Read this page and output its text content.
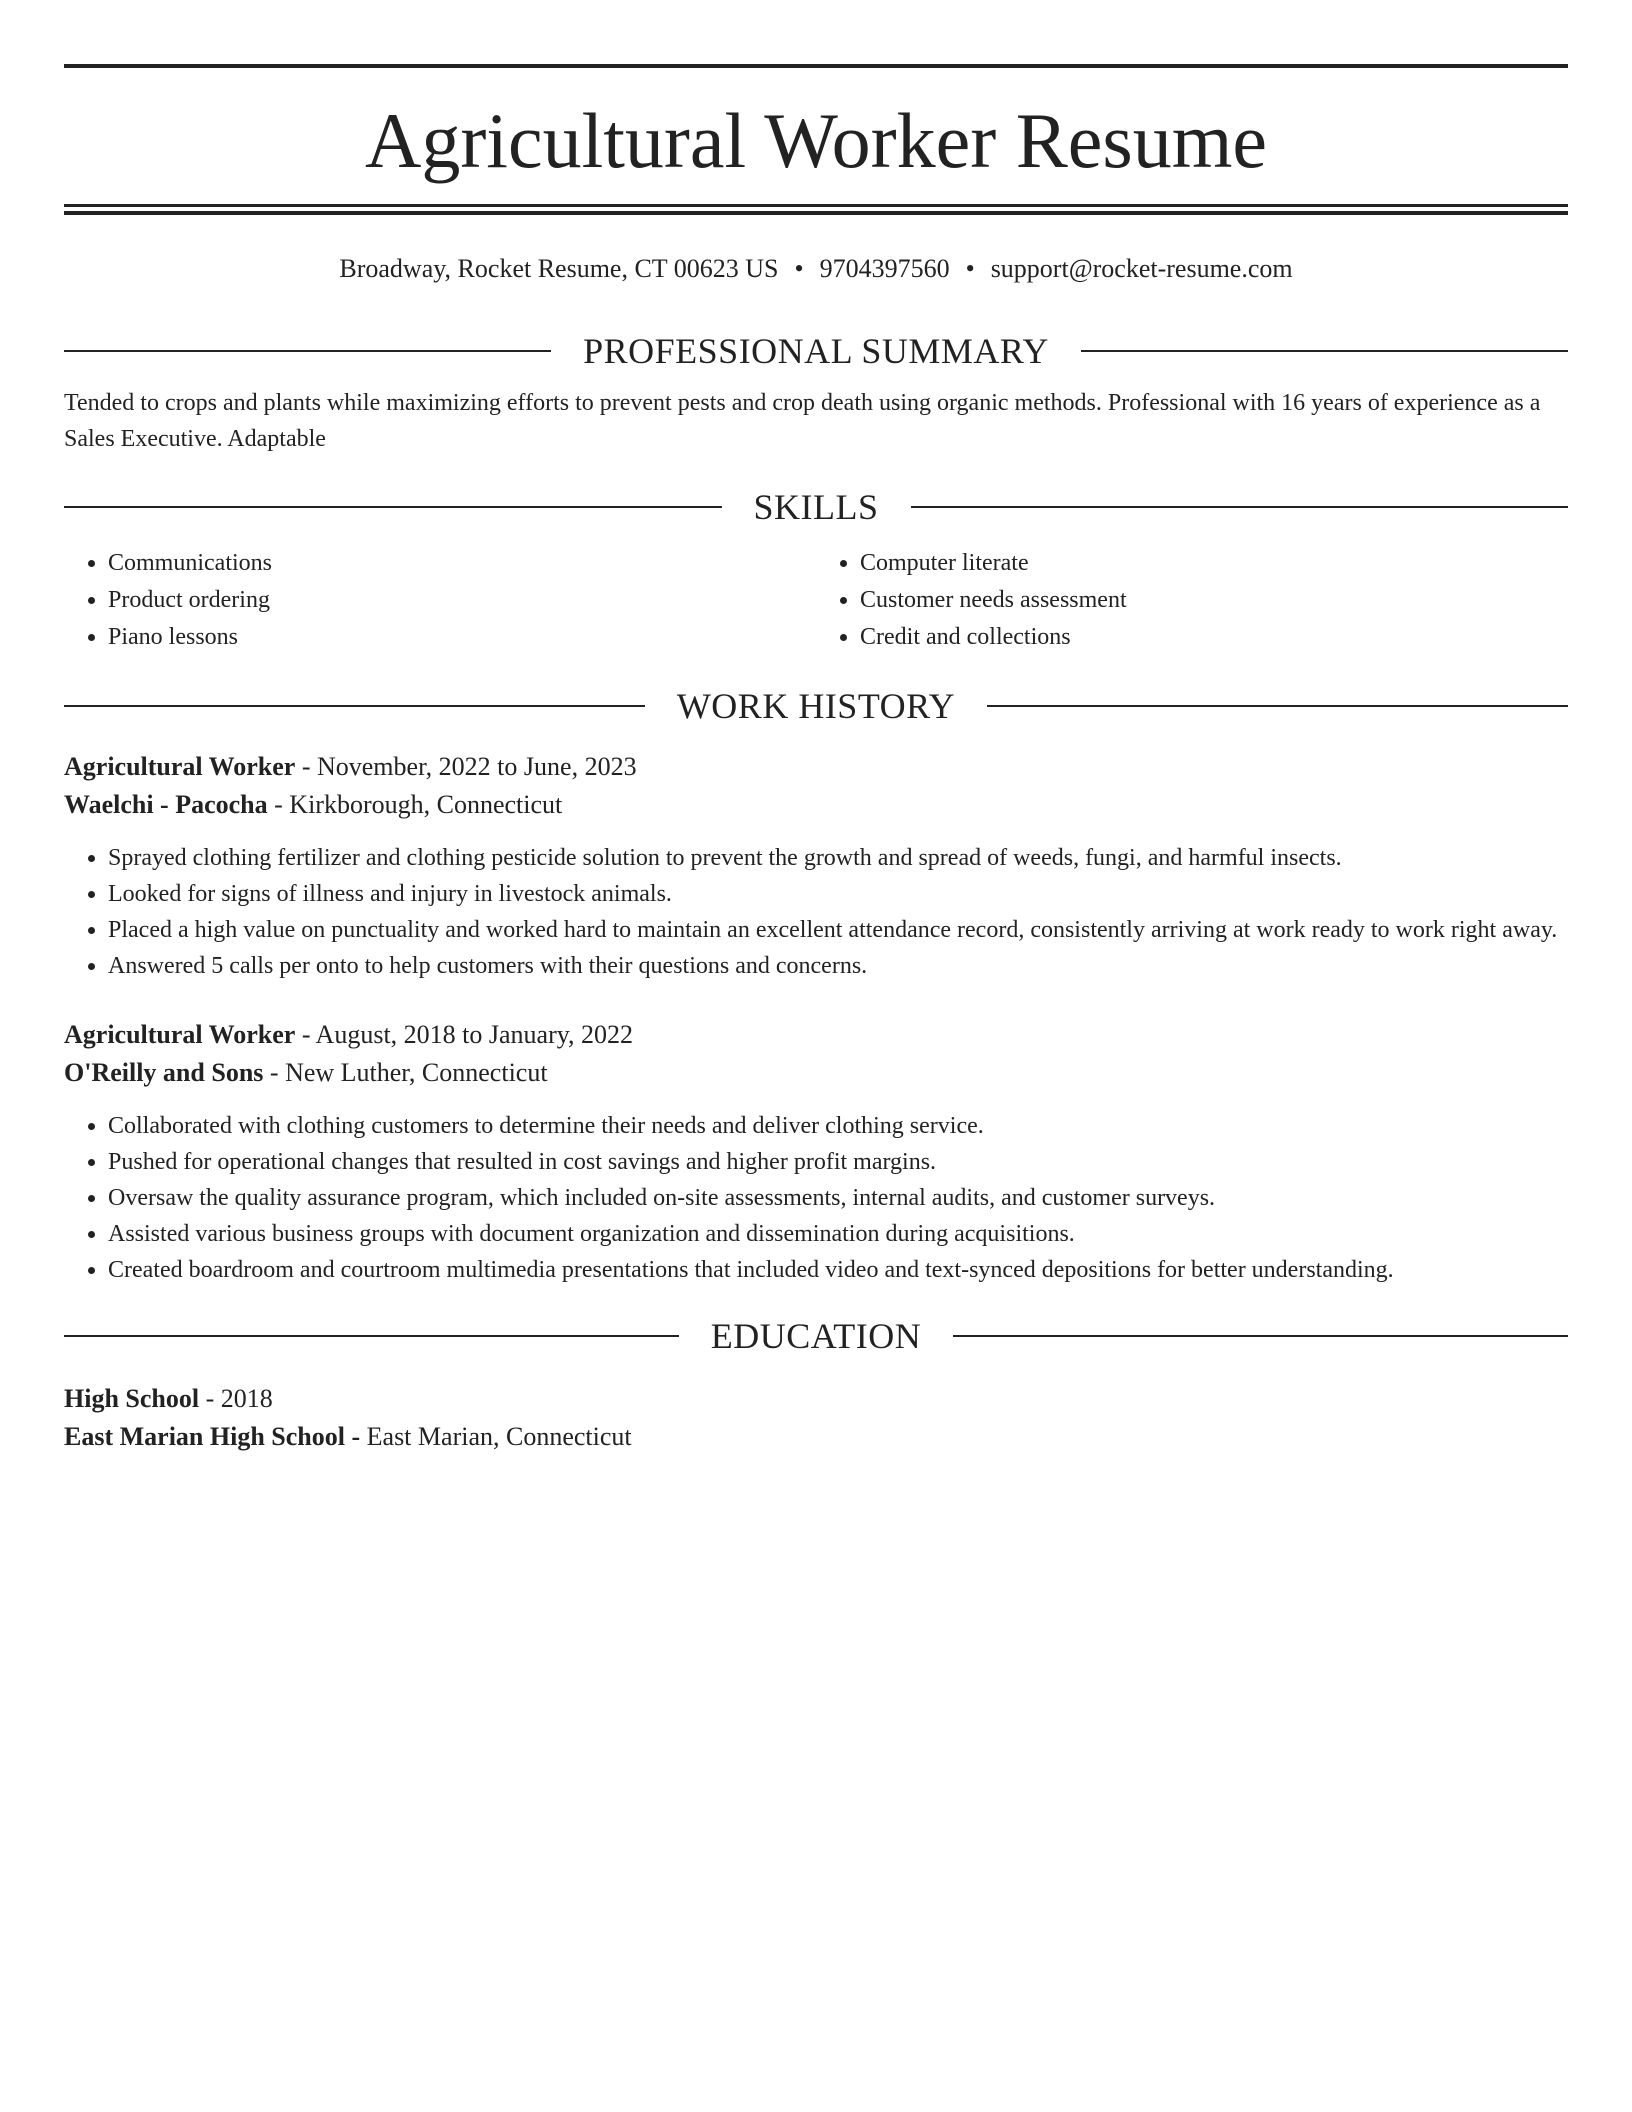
Agricultural Worker Resume
Broadway, Rocket Resume, CT 00623 US • 9704397560 • support@rocket-resume.com
PROFESSIONAL SUMMARY
Tended to crops and plants while maximizing efforts to prevent pests and crop death using organic methods. Professional with 16 years of experience as a Sales Executive. Adaptable
SKILLS
• Communications
• Product ordering
• Piano lessons
• Computer literate
• Customer needs assessment
• Credit and collections
WORK HISTORY
Agricultural Worker - November, 2022 to June, 2023
Waelchi - Pacocha - Kirkborough, Connecticut
• Sprayed clothing fertilizer and clothing pesticide solution to prevent the growth and spread of weeds, fungi, and harmful insects.
• Looked for signs of illness and injury in livestock animals.
• Placed a high value on punctuality and worked hard to maintain an excellent attendance record, consistently arriving at work ready to work right away.
• Answered 5 calls per onto to help customers with their questions and concerns.
Agricultural Worker - August, 2018 to January, 2022
O'Reilly and Sons - New Luther, Connecticut
• Collaborated with clothing customers to determine their needs and deliver clothing service.
• Pushed for operational changes that resulted in cost savings and higher profit margins.
• Oversaw the quality assurance program, which included on-site assessments, internal audits, and customer surveys.
• Assisted various business groups with document organization and dissemination during acquisitions.
• Created boardroom and courtroom multimedia presentations that included video and text-synced depositions for better understanding.
EDUCATION
High School - 2018
East Marian High School - East Marian, Connecticut
